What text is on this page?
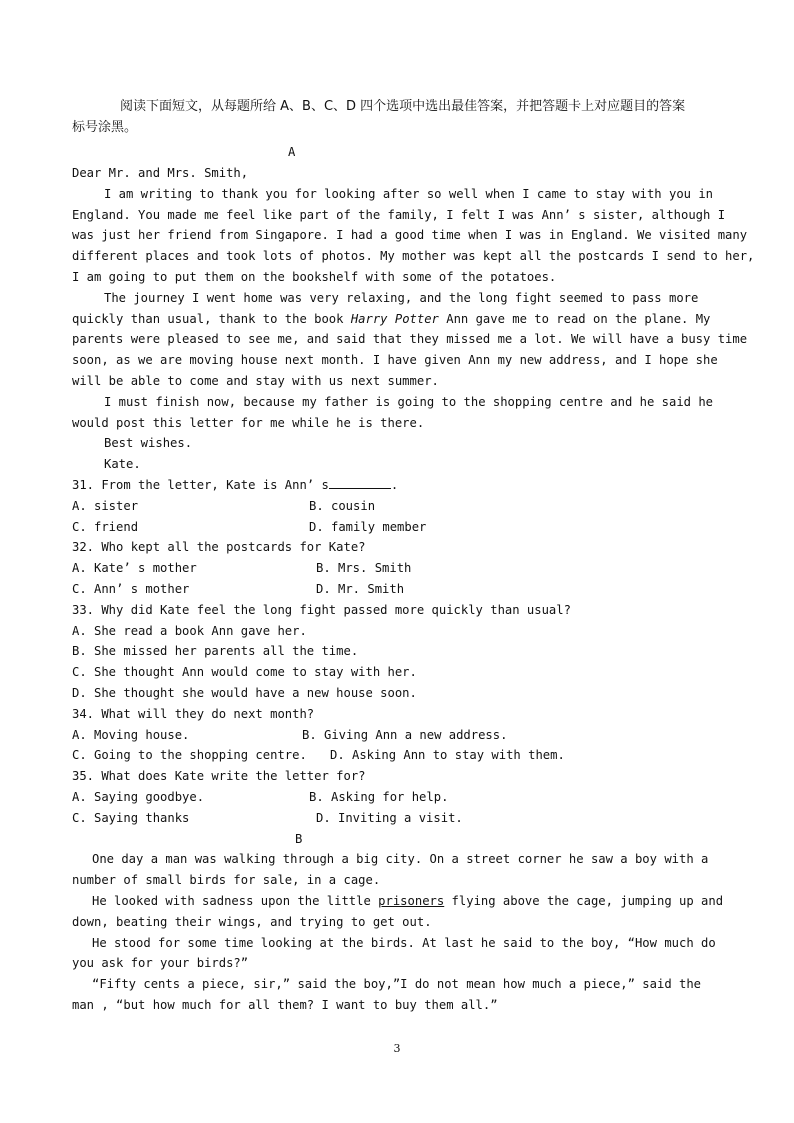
阅读下面短文，从每题所给 A、B、C、D 四个选项中选出最佳答案，并把答题卡上对应题目的答案
标号涂黑。
A
Dear Mr. and Mrs. Smith,
I am writing to thank you for looking after so well when I came to stay with you in
England. You made me feel like part of the family, I felt I was Ann’ s sister, although I
was just her friend from Singapore. I had a good time when I was in England. We visited many
different places and took lots of photos. My mother was kept all the postcards I send to her,
I am going to put them on the bookshelf with some of the potatoes.
The journey I went home was very relaxing, and the long fight seemed to pass more
quickly than usual, thank to the book Harry Potter Ann gave me to read on the plane. My
parents were pleased to see me, and said that they missed me a lot. We will have a busy time
soon, as we are moving house next month. I have given Ann my new address, and I hope she
will be able to come and stay with us next summer.
I must finish now, because my father is going to the shopping centre and he said he
would post this letter for me while he is there.
Best wishes.
Kate.
31. From the letter, Kate is Ann’ s	.
A. sister	B. cousin
C. friend	D. family member
32. Who kept all the postcards for Kate?
A. Kate’ s mother	B. Mrs. Smith
C. Ann’ s mother	D. Mr. Smith
33. Why did Kate feel the long fight passed more quickly than usual?
A. She read a book Ann gave her.
B. She missed her parents all the time.
C. She thought Ann would come to stay with her.
D. She thought she would have a new house soon.
34. What will they do next month?
A. Moving house.	B. Giving Ann a new address.
C. Going to the shopping centre. D. Asking Ann to stay with them.
35. What does Kate write the letter for?
A. Saying goodbye.	B. Asking for help.
C. Saying thanks	D. Inviting a visit.
B
One day a man was walking through a big city. On a street corner he saw a boy with a
number of small birds for sale, in a cage.
He looked with sadness upon the little prisoners flying above the cage, jumping up and
down, beating their wings, and trying to get out.
He stood for some time looking at the birds. At last he said to the boy, “How much do
you ask for your birds?”
“Fifty cents a piece, sir,” said the boy,”I do not mean how much a piece,” said the
man , “but how much for all them? I want to buy them all.”
3
